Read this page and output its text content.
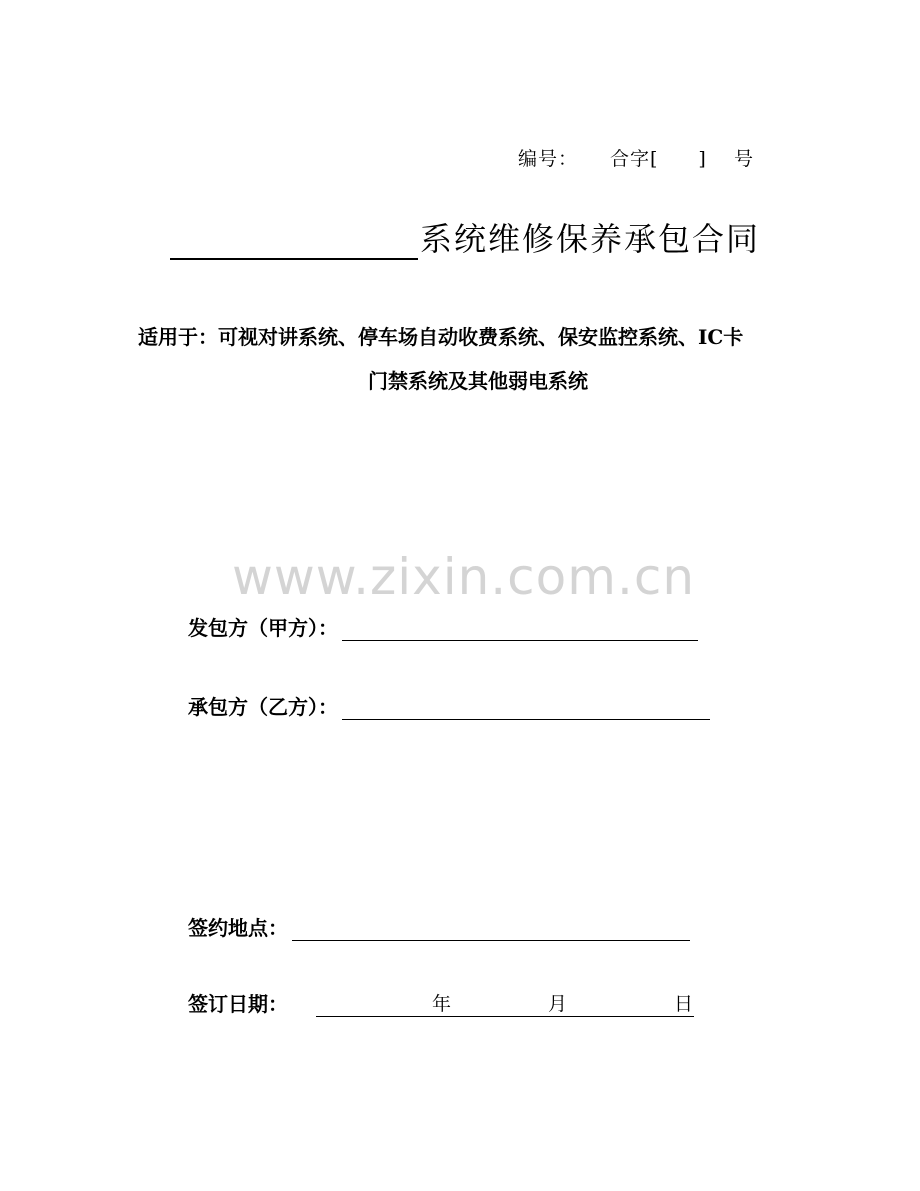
编号： 合字[　　] 号
系统维修保养承包合同
适用于：可视对讲系统、停车场自动收费系统、保安监控系统、IC卡
门禁系统及其他弱电系统
www.zixin.com.cn
发包方（甲方）：
承包方（乙方）：
签约地点：
签订日期：	年	月	日
